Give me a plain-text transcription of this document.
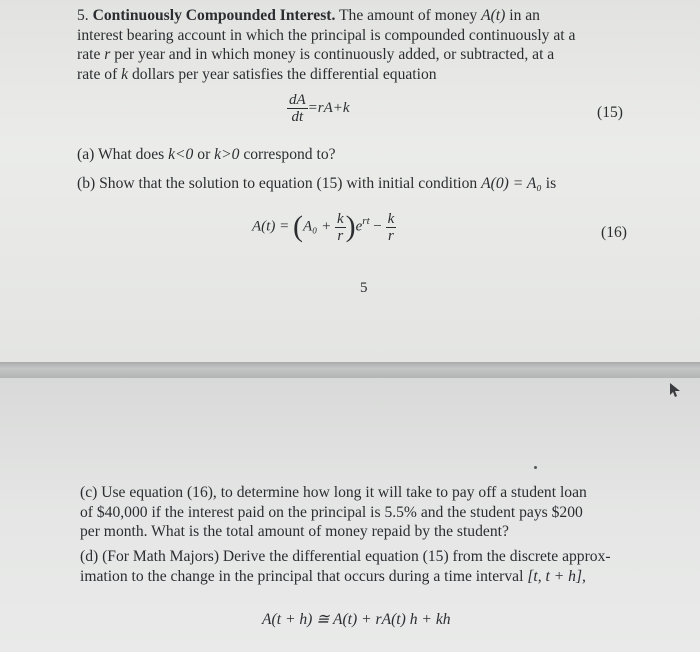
5. Continuously Compounded Interest. The amount of money A(t) in an
interest bearing account in which the principal is compounded continuously at a
rate r per year and in which money is continuously added, or subtracted, at a
rate of k dollars per year satisfies the differential equation
$\frac{dA}{dt} =rA+k$	(15)
(a) What does k<0 or k>0 correspond to?
(b) Show that the solution to equation (15) with initial condition A(0) = A₀ is
$A(t) = (A_0 + \frac{k}{r} )e^{rt} - \frac{k}{r}$	(16)
5
(c) Use equation (16), to determine how long it will take to pay off a student loan
of $40,000 if the interest paid on the principal is 5.5% and the student pays $200
per month. What is the total amount of money repaid by the student?
(d) (For Math Majors) Derive the differential equation (15) from the discrete approx-
imation to the change in the principal that occurs during a time interval [t, t + h],
A(t + h) ≅ A(t) + rA(t) h + kh
